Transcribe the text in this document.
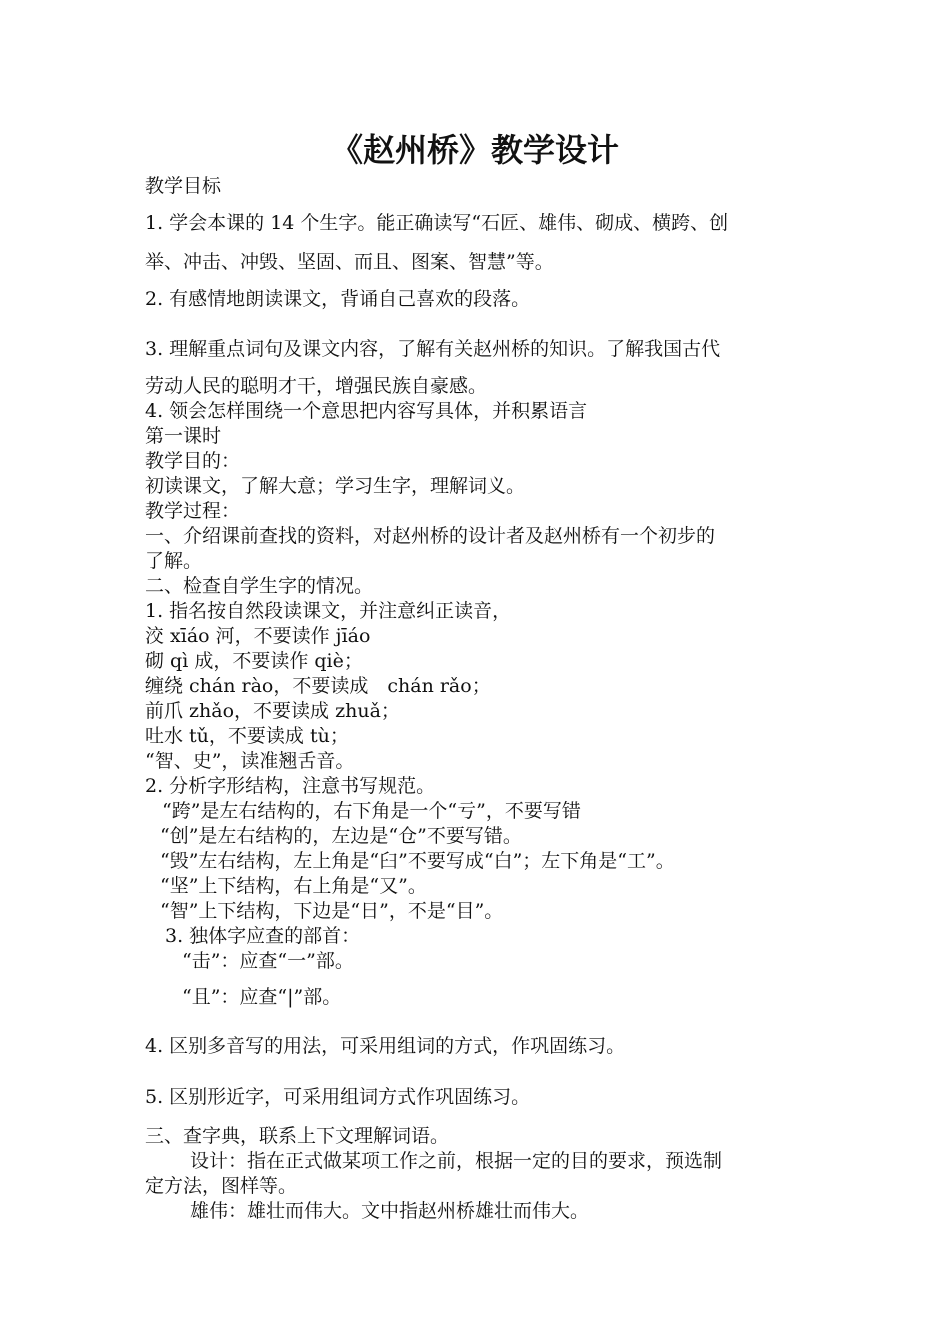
《赵州桥》教学设计
教学目标
1. 学会本课的 14 个生字。能正确读写“石匠、雄伟、砌成、横跨、创
举、冲击、冲毁、坚固、而且、图案、智慧”等。
2. 有感情地朗读课文，背诵自己喜欢的段落。
3. 理解重点词句及课文内容，了解有关赵州桥的知识。了解我国古代
劳动人民的聪明才干，增强民族自豪感。
4. 领会怎样围绕一个意思把内容写具体，并积累语言
第一课时
教学目的：
初读课文，了解大意；学习生字，理解词义。
教学过程：
一、介绍课前查找的资料，对赵州桥的设计者及赵州桥有一个初步的
了解。
二、检查自学生字的情况。
1. 指名按自然段读课文，并注意纠正读音，
洨 xīáo 河，不要读作 jīáo
砌 qì 成，不要读作 qiè；
缠绕 chán rào，不要读成　chán rǎo；
前爪 zhǎo，不要读成 zhuǎ；
吐水 tǔ，不要读成 tù；
“智、史”，读准翘舌音。
2. 分析字形结构，注意书写规范。
“跨”是左右结构的，右下角是一个“亏”，不要写错
“创”是左右结构的，左边是“仓”不要写错。
“毁”左右结构，左上角是“臼”不要写成“白”；左下角是“工”。
“坚”上下结构，右上角是“又”。
“智”上下结构，下边是“日”，不是“目”。
3. 独体字应查的部首：
“击”：应查“一”部。
“且”：应查“|”部。
4. 区别多音写的用法，可采用组词的方式，作巩固练习。
5. 区别形近字，可采用组词方式作巩固练习。
三、查字典，联系上下文理解词语。
设计：指在正式做某项工作之前，根据一定的目的要求，预选制
定方法，图样等。
雄伟：雄壮而伟大。文中指赵州桥雄壮而伟大。
